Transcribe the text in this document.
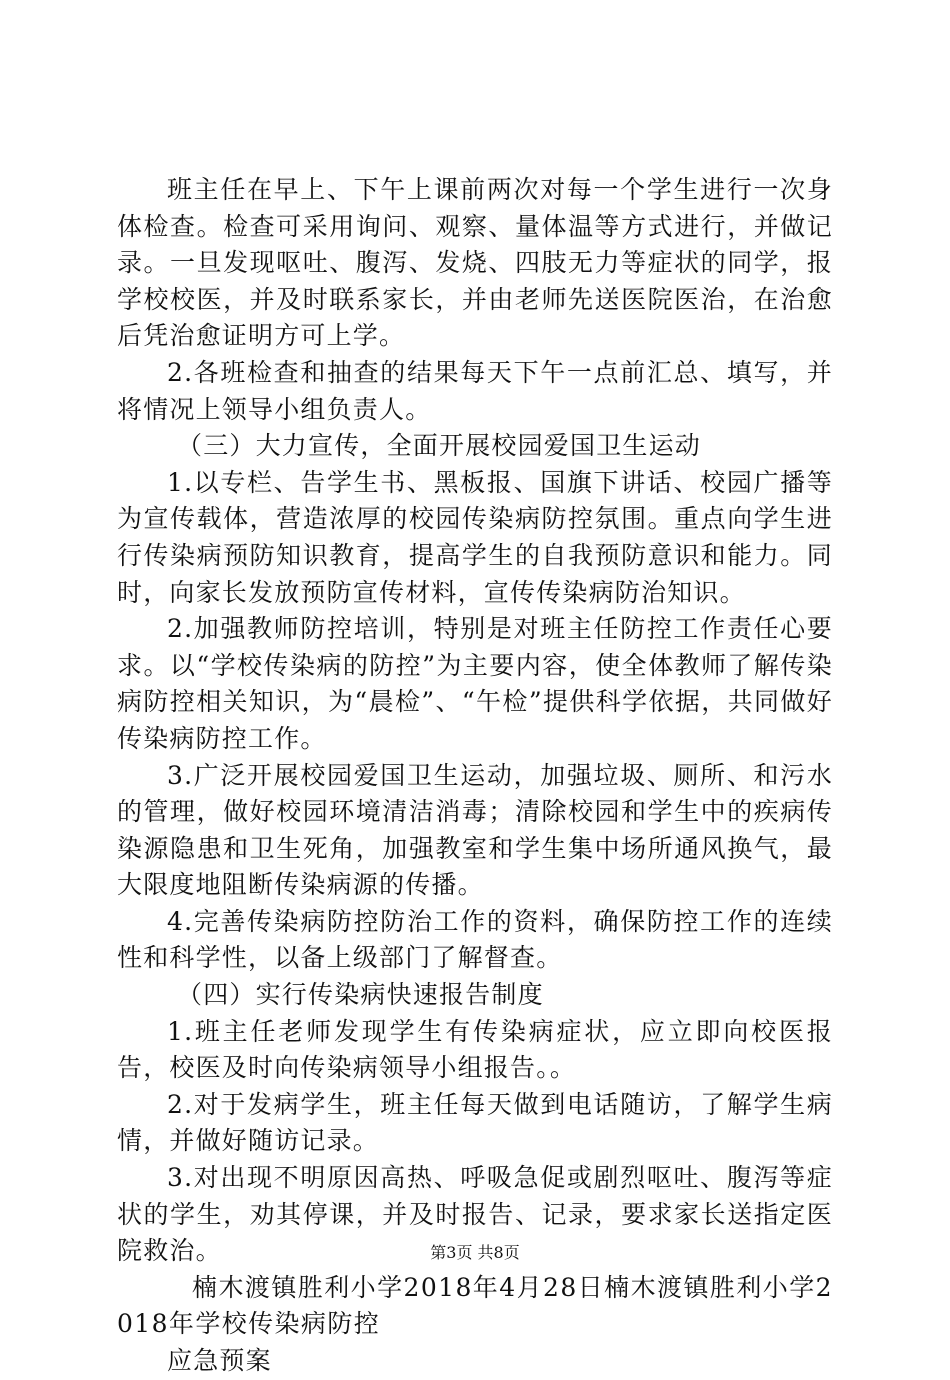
班主任在早上、下午上课前两次对每一个学生进行一次身体检查。检查可采用询问、观察、量体温等方式进行，并做记录。一旦发现呕吐、腹泻、发烧、四肢无力等症状的同学，报学校校医，并及时联系家长，并由老师先送医院医治，在治愈后凭治愈证明方可上学。

2.各班检查和抽查的结果每天下午一点前汇总、填写，并将情况上领导小组负责人。

（三）大力宣传，全面开展校园爱国卫生运动

1.以专栏、告学生书、黑板报、国旗下讲话、校园广播等为宣传载体，营造浓厚的校园传染病防控氛围。重点向学生进行传染病预防知识教育，提高学生的自我预防意识和能力。同时，向家长发放预防宣传材料，宣传传染病防治知识。

2.加强教师防控培训，特别是对班主任防控工作责任心要求。以“学校传染病的防控”为主要内容，使全体教师了解传染病防控相关知识，为“晨检”、“午检”提供科学依据，共同做好传染病防控工作。

3.广泛开展校园爱国卫生运动，加强垃圾、厕所、和污水的管理，做好校园环境清洁消毒；清除校园和学生中的疾病传染源隐患和卫生死角，加强教室和学生集中场所通风换气，最大限度地阻断传染病源的传播。

4.完善传染病防控防治工作的资料，确保防控工作的连续性和科学性，以备上级部门了解督查。

（四）实行传染病快速报告制度

1.班主任老师发现学生有传染病症状，应立即向校医报告，校医及时向传染病领导小组报告。。

2.对于发病学生，班主任每天做到电话随访，了解学生病情，并做好随访记录。

3.对出现不明原因高热、呼吸急促或剧烈呕吐、腹泻等症状的学生，劝其停课，并及时报告、记录，要求家长送指定医院救治。

楠木渡镇胜利小学2018年4月28日楠木渡镇胜利小学2018年学校传染病防控

应急预案

第3页 共8页
